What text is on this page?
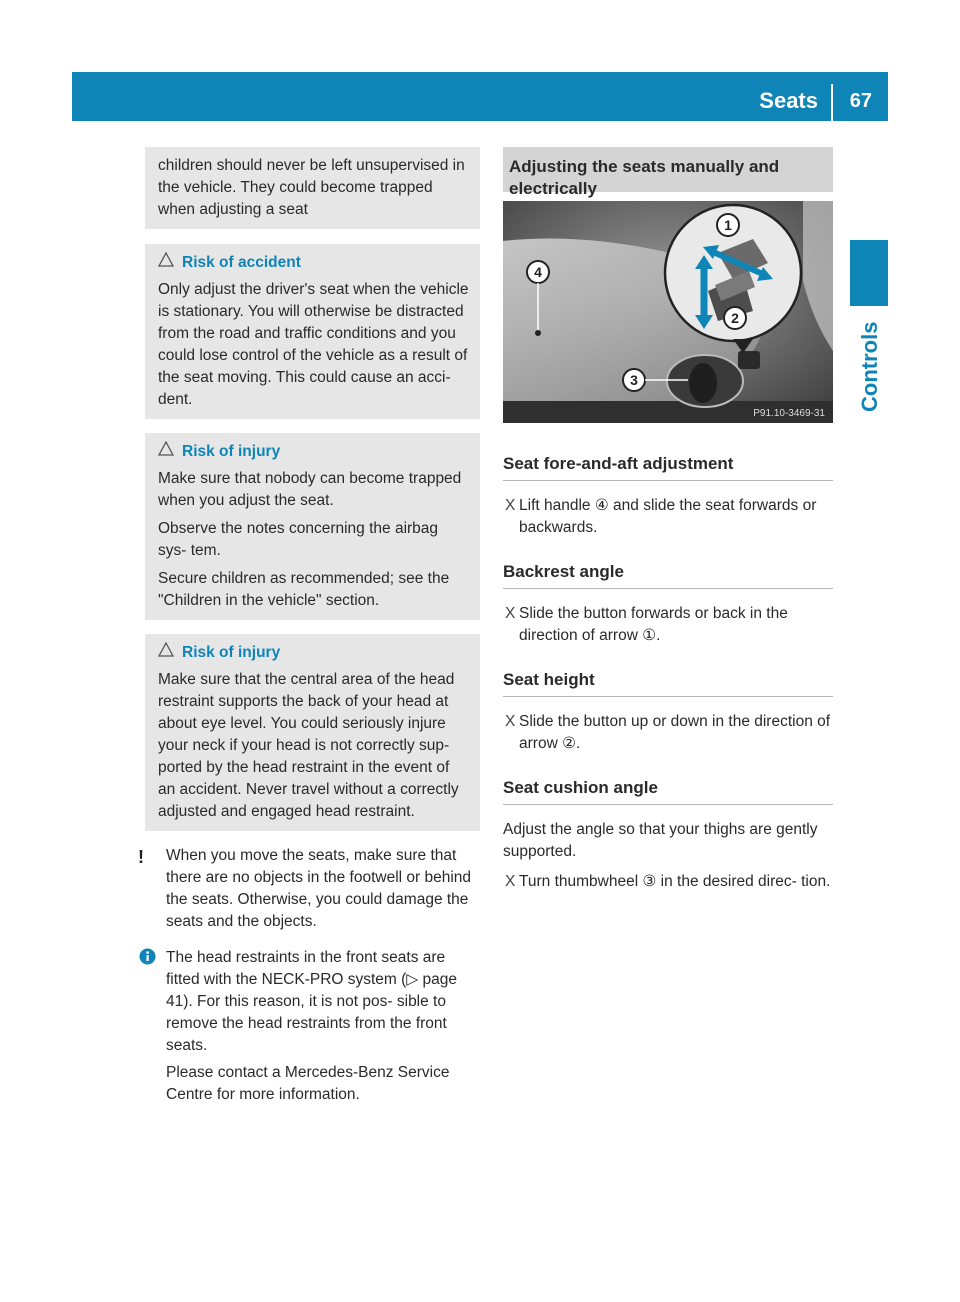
Seats 67
Controls

children should never be left unsupervised in the vehicle. They could become trapped when adjusting a seat

Risk of accident

Only adjust the driver's seat when the vehicle is stationary. You will otherwise be distracted from the road and traffic conditions and you could lose control of the vehicle as a result of the seat moving. This could cause an acci- dent.

Risk of injury

Make sure that nobody can become trapped when you adjust the seat.

Observe the notes concerning the airbag sys- tem.

Secure children as recommended; see the "Children in the vehicle" section.

Risk of injury

Make sure that the central area of the head restraint supports the back of your head at about eye level. You could seriously injure your neck if your head is not correctly sup- ported by the head restraint in the event of an accident. Never travel without a correctly adjusted and engaged head restraint.

! When you move the seats, make sure that there are no objects in the footwell or behind the seats. Otherwise, you could damage the seats and the objects.

The head restraints in the front seats are fitted with the NECK-PRO system (▷ page 41). For this reason, it is not pos- sible to remove the head restraints from the front seats.

Please contact a Mercedes-Benz Service Centre for more information.

Adjusting the seats manually and electrically
1
2
3
4
P91.10-3469-31
Seat fore-and-aft adjustment

X Lift handle ④ and slide the seat forwards or backwards.

Backrest angle

X Slide the button forwards or back in the direction of arrow ①.

Seat height

X Slide the button up or down in the direction of arrow ②.

Seat cushion angle

Adjust the angle so that your thighs are gently supported.

X Turn thumbwheel ③ in the desired direc- tion.
